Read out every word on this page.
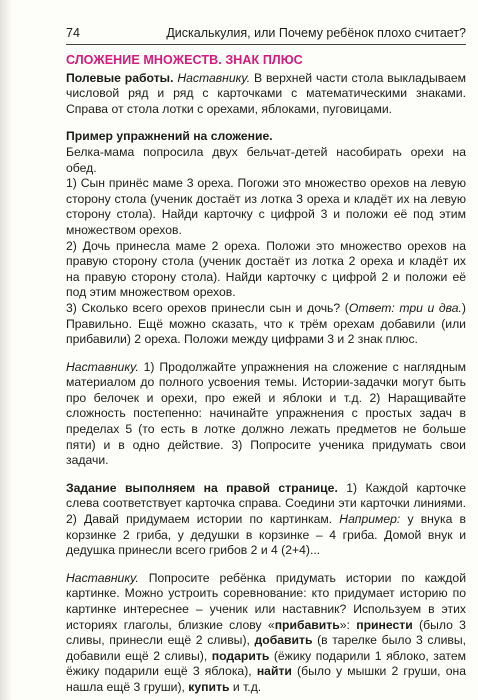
74	Дискалькулия, или Почему ребёнок плохо считает?
СЛОЖЕНИЕ МНОЖЕСТВ. ЗНАК ПЛЮС

Полевые работы. Наставнику. В верхней части стола выкладываем числовой ряд и ряд с карточками с математическими знаками. Справа от стола лотки с орехами, яблоками, пуговицами.

Пример упражнений на сложение.

Белка-мама попросила двух бельчат-детей насобирать орехи на обед.

1) Сын принёс маме 3 ореха. Погожи это множество орехов на левую сторону стола (ученик достаёт из лотка 3 ореха и кладёт их на левую сторону стола). Найди карточку с цифрой 3 и положи её под этим множеством орехов.

2) Дочь принесла маме 2 ореха. Положи это множество орехов на правую сторону стола (ученик достаёт из лотка 2 ореха и кладёт их на правую сторону стола). Найди карточку с цифрой 2 и положи её под этим множеством орехов.

3) Сколько всего орехов принесли сын и дочь? (Ответ: три и два.) Правильно. Ещё можно сказать, что к трём орехам добавили (или прибавили) 2 ореха. Положи между цифрами 3 и 2 знак плюс.

Наставнику. 1) Продолжайте упражнения на сложение с наглядным материалом до полного усвоения темы. Истории-задачки могут быть про белочек и орехи, про ежей и яблоки и т.д. 2) Наращивайте сложность постепенно: начинайте упражнения с простых задач в пределах 5 (то есть в лотке должно лежать предметов не больше пяти) и в одно действие. 3) Попросите ученика придумать свои задачи.

Задание выполняем на правой странице. 1) Каждой карточке слева соответствует карточка справа. Соедини эти карточки линиями. 2) Давай придумаем истории по картинкам. Например: у внука в корзинке 2 гриба, у дедушки в корзинке – 4 гриба. Домой внук и дедушка принесли всего грибов 2 и 4 (2+4)...

Наставнику. Попросите ребёнка придумать истории по каждой картинке. Можно устроить соревнование: кто придумает историю по картинке интереснее – ученик или наставник? Используем в этих историях глаголы, близкие слову «прибавить»: принести (было 3 сливы, принесли ещё 2 сливы), добавить (в тарелке было 3 сливы, добавили ещё 2 сливы), подарить (ёжику подарили 1 яблоко, затем ёжику подарили ещё 3 яблока), найти (было у мышки 2 груши, она нашла ещё 3 груши), купить и т.д.
